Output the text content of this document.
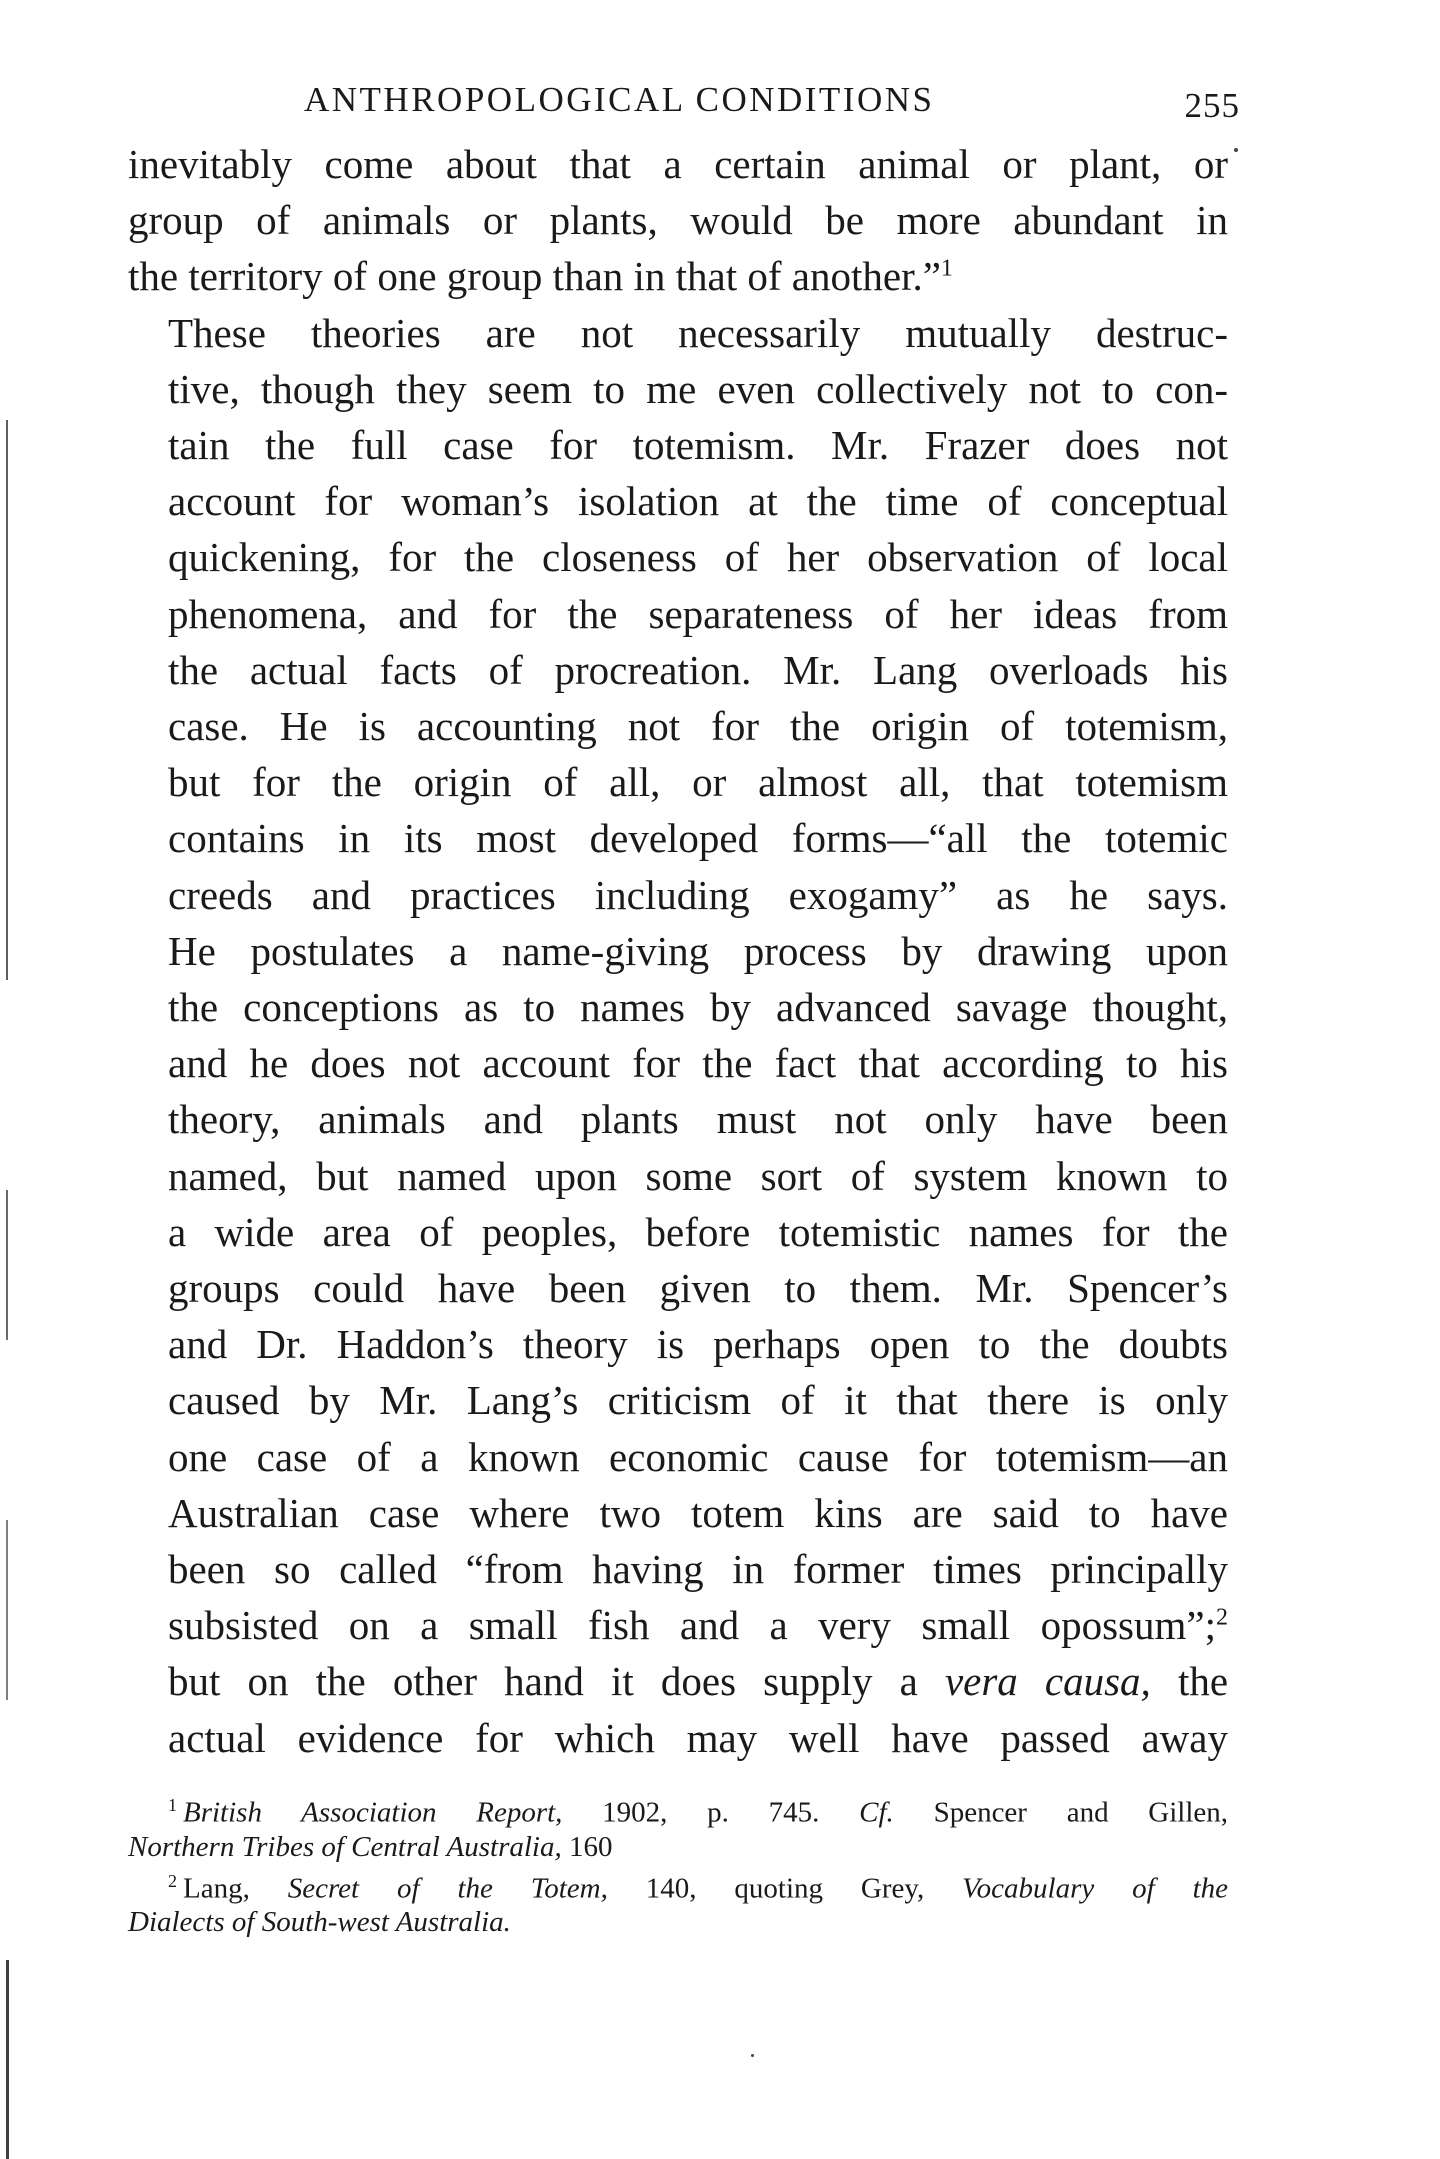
ANTHROPOLOGICAL CONDITIONS	255

inevitably come about that a certain animal or plant, or
group of animals or plants, would be more abundant in
the territory of one group than in that of another.”$^1$

These theories are not necessarily mutually destruc-
tive, though they seem to me even collectively not to con-
tain the full case for totemism. Mr. Frazer does not
account for woman’s isolation at the time of conceptual
quickening, for the closeness of her observation of local
phenomena, and for the separateness of her ideas from
the actual facts of procreation. Mr. Lang overloads his
case. He is accounting not for the origin of totemism,
but for the origin of all, or almost all, that totemism
contains in its most developed forms—“all the totemic
creeds and practices including exogamy” as he says.
He postulates a name-giving process by drawing upon
the conceptions as to names by advanced savage thought,
and he does not account for the fact that according to his
theory, animals and plants must not only have been
named, but named upon some sort of system known to
a wide area of peoples, before totemistic names for the
groups could have been given to them. Mr. Spencer’s
and Dr. Haddon’s theory is perhaps open to the doubts
caused by Mr. Lang’s criticism of it that there is only
one case of a known economic cause for totemism—an
Australian case where two totem kins are said to have
been so called “from having in former times principally
subsisted on a small fish and a very small opossum”;$^2$
but on the other hand it does supply a vera causa, the
actual evidence for which may well have passed away

$^1$ British Association Report, 1902, p. 745. Cf. Spencer and Gillen,
Northern Tribes of Central Australia, 160

$^2$ Lang, Secret of the Totem, 140, quoting Grey, Vocabulary of the
Dialects of South-west Australia.
